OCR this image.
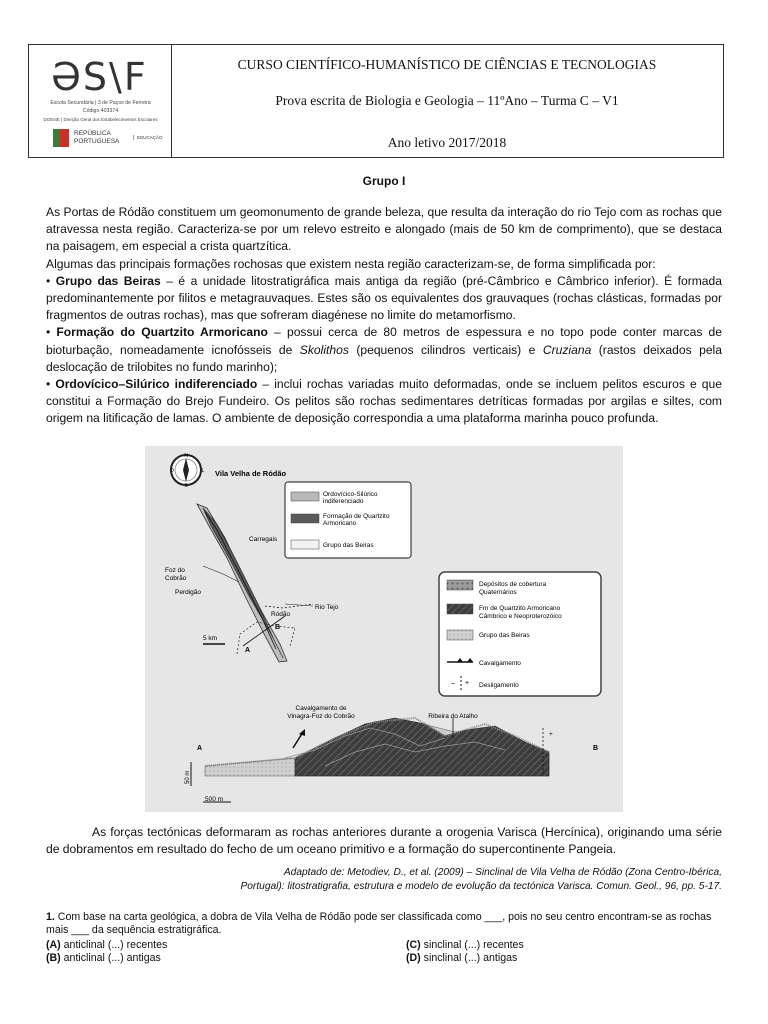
ƏS\F
Escola Secundária | 3 de Paços de Ferreira
Código 403374
DGEstE | Direção Geral dos Estabelecimentos Escolares
REPÚBLICA
PORTUGUESA
EDUCAÇÃO
CURSO CIENTÍFICO-HUMANÍSTICO DE CIÊNCIAS E TECNOLOGIAS
Prova escrita de Biologia e Geologia – 11ºAno – Turma C – V1
Ano letivo 2017/2018
Grupo I

As Portas de Ródão constituem um geomonumento de grande beleza, que resulta da interação do rio Tejo com as rochas que atravessa nesta região. Caracteriza-se por um relevo estreito e alongado (mais de 50 km de comprimento), que se destaca na paisagem, em especial a crista quartzítica.

Algumas das principais formações rochosas que existem nesta região caracterizam-se, de forma simplificada por:

• Grupo das Beiras – é a unidade litostratigráfica mais antiga da região (pré-Câmbrico e Câmbrico inferior). É formada predominantemente por filitos e metagrauvaques. Estes são os equivalentes dos grauvaques (rochas clásticas, formadas por fragmentos de outras rochas), mas que sofreram diagénese no limite do metamorfismo.

• Formação do Quartzito Armoricano – possui cerca de 80 metros de espessura e no topo pode conter marcas de bioturbação, nomeadamente icnofósseis de Skolithos (pequenos cilindros verticais) e Cruziana (rastos deixados pela deslocação de trilobites no fundo marinho);

• Ordovícico–Silúrico indiferenciado – inclui rochas variadas muito deformadas, onde se incluem pelitos escuros e que constitui a Formação do Brejo Fundeiro. Os pelitos são rochas sedimentares detríticas formadas por argilas e siltes, com origem na litificação de lamas. O ambiente de deposição correspondia a uma plataforma marinha pouco profunda.

N
S
L
O	Vila Velha de Ródão
Carregais
Foz do
Cobrão
Perdigão
Ródão
Rio Tejo
A
B
5 km
Ordovícico-Silúrico
indiferenciado
Formação de Quartzito
Armoricano
Grupo das Beiras
Depósitos de cobertura
Quaternários
Fm de Quartzito Armoricano
Câmbrico e Neoproterozóico
Grupo das Beiras
Cavalgamento
– + Desligamento
+
Cavalgamento de
Vinagra-Foz do Cobrão	Ribeira do Atalho
A	B
50 m
500 m
As forças tectónicas deformaram as rochas anteriores durante a orogenia Varisca (Hercínica), originando uma série de dobramentos em resultado do fecho de um oceano primitivo e a formação do supercontinente Pangeia.
Adaptado de: Metodiev, D., et al. (2009) – Sinclinal de Vila Velha de Ródão (Zona Centro-Ibérica,
Portugal): litostratigrafia, estrutura e modelo de evolução da tectónica Varisca. Comun. Geol., 96, pp. 5-17.
1. Com base na carta geológica, a dobra de Vila Velha de Ródão pode ser classificada como ___, pois no seu centro encontram-se as rochas
mais ___ da sequência estratigráfica.
(A) anticlinal (...) recentes
(B) anticlinal (...) antigas
(C) sinclinal (...) recentes
(D) sinclinal (...) antigas
